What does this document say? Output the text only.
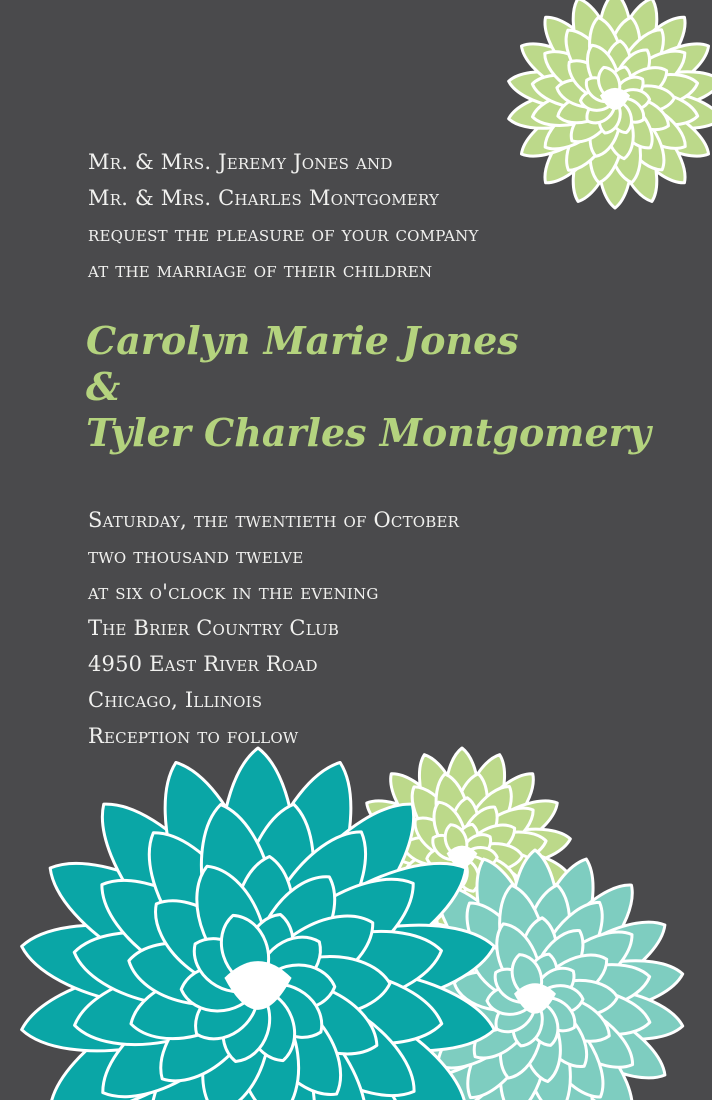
Mr. & Mrs. Jeremy Jones and
Mr. & Mrs. Charles Montgomery
request the pleasure of your company
at the marriage of their children
Carolyn Marie Jones
&
Tyler Charles Montgomery
Saturday, the twentieth of October
two thousand twelve
at six o'clock in the evening
The Brier Country Club
4950 East River Road
Chicago, Illinois
Reception to follow
